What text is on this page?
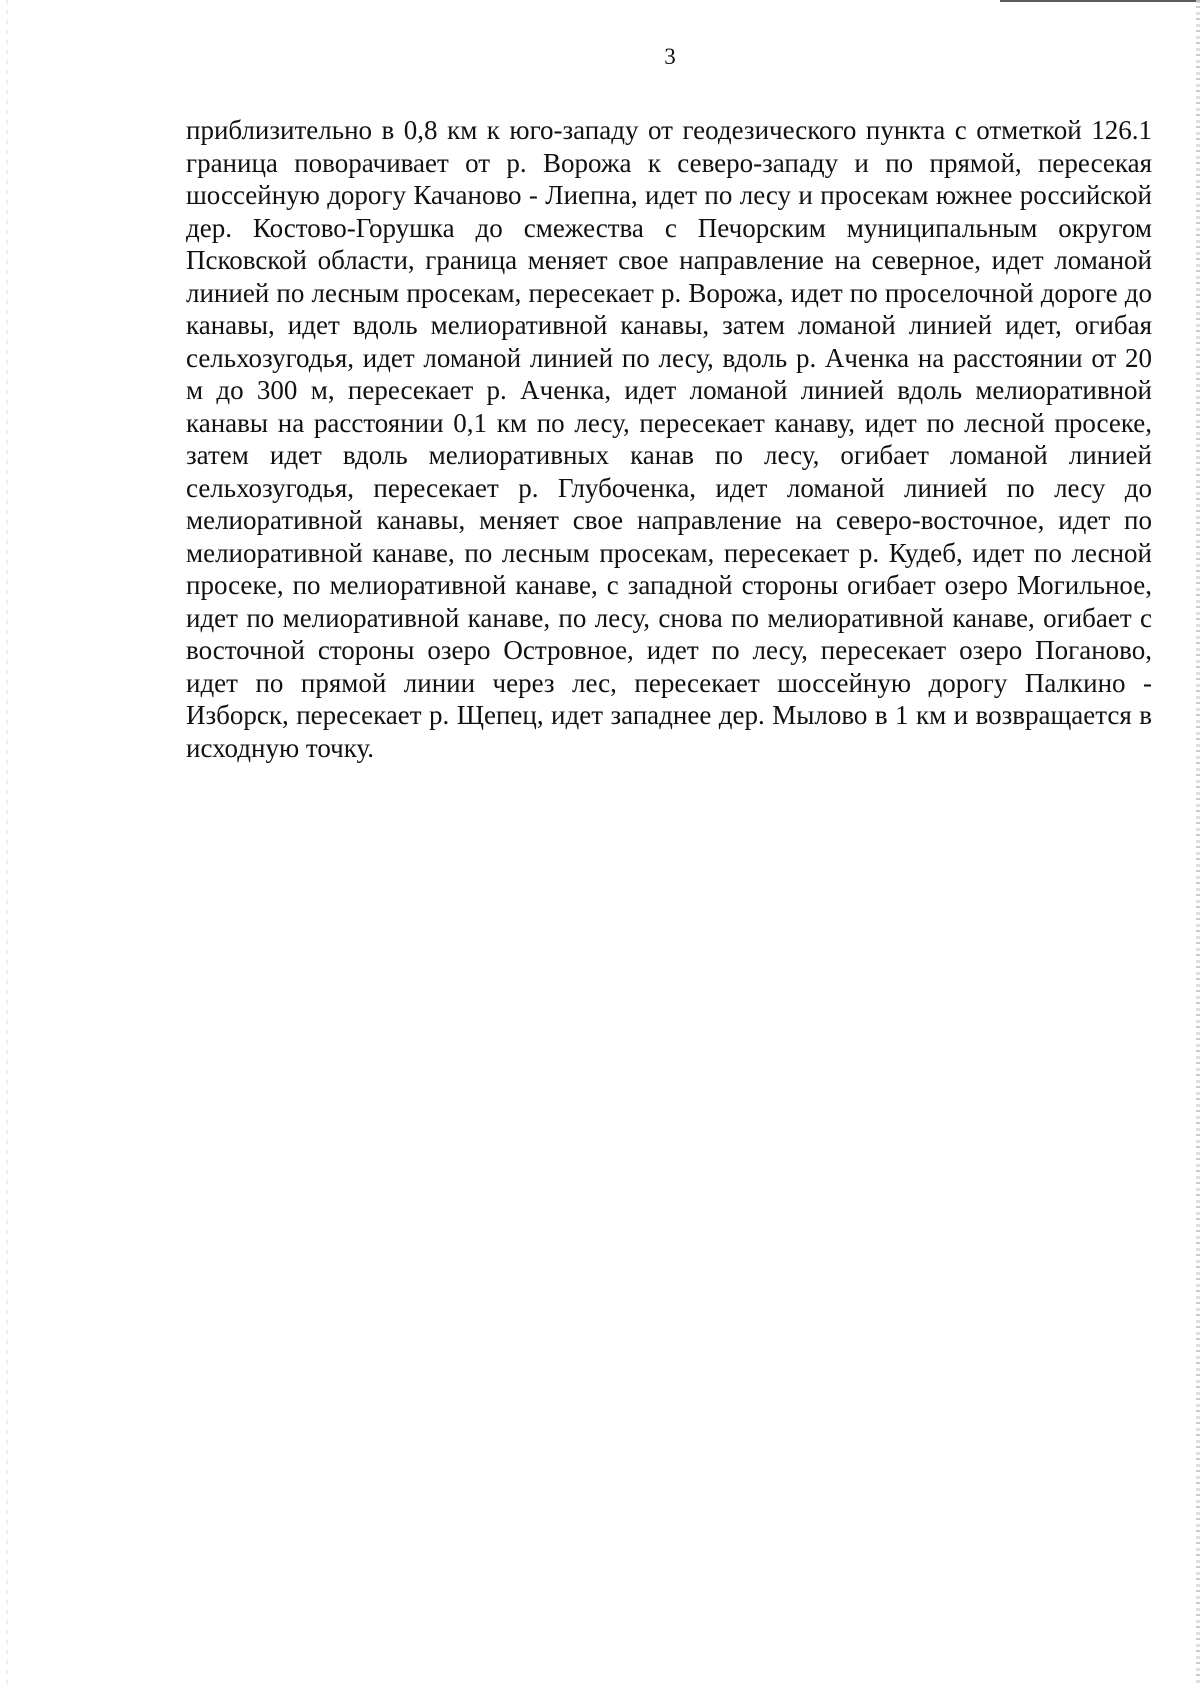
3

приблизительно в 0,8 км к юго-западу от геодезического пункта с отметкой 126.1 граница поворачивает от р. Ворожа к северо-западу и по прямой, пересекая шоссейную дорогу Качаново - Лиепна, идет по лесу и просекам южнее российской дер. Костово-Горушка до смежества с Печорским муниципальным округом Псковской области, граница меняет свое направление на северное, идет ломаной линией по лесным просекам, пересекает р. Ворожа, идет по проселочной дороге до канавы, идет вдоль мелиоративной канавы, затем ломаной линией идет, огибая сельхозугодья, идет ломаной линией по лесу, вдоль р. Аченка на расстоянии от 20 м до 300 м, пересекает р. Аченка, идет ломаной линией вдоль мелиоративной канавы на расстоянии 0,1 км по лесу, пересекает канаву, идет по лесной просеке, затем идет вдоль мелиоративных канав по лесу, огибает ломаной линией сельхозугодья, пересекает р. Глубоченка, идет ломаной линией по лесу до мелиоративной канавы, меняет свое направление на северо-восточное, идет по мелиоративной канаве, по лесным просекам, пересекает р. Кудеб, идет по лесной просеке, по мелиоративной канаве, с западной стороны огибает озеро Могильное, идет по мелиоративной канаве, по лесу, снова по мелиоративной канаве, огибает с восточной стороны озеро Островное, идет по лесу, пересекает озеро Поганово, идет по прямой линии через лес, пересекает шоссейную дорогу Палкино - Изборск, пересекает р. Щепец, идет западнее дер. Мылово в 1 км и возвращается в исходную точку.
